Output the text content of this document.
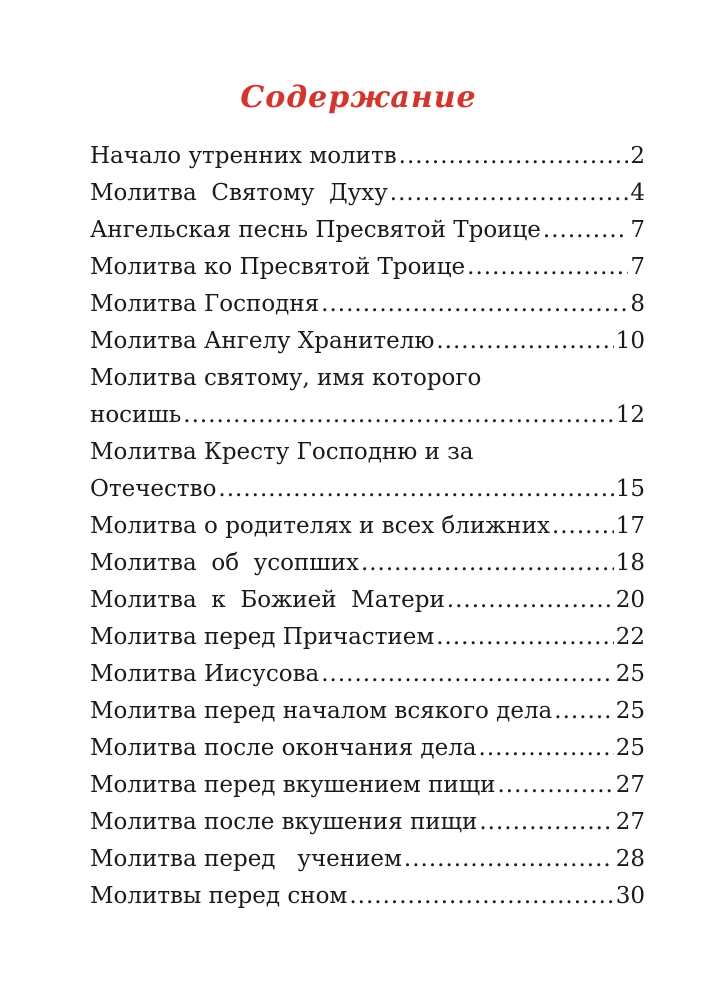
Содержание
Начало утренних молитв .....	2
Молитва  Святому  Духу .....	4
Ангельская песнь Пресвятой Троице .....	7
Молитва ко Пресвятой Троице .....	7
Молитва Господня .....	8
Молитва Ангелу Хранителю .....	10
Молитва святому, имя которого
носишь .....	12
Молитва Кресту Господню и за
Отечество .....	15
Молитва о родителях и всех ближних .....	17
Молитва  об  усопших .....	18
Молитва  к  Божией  Матери .....	20
Молитва перед Причастием .....	22
Молитва Иисусова .....	25
Молитва перед началом всякого дела .....	25
Молитва после окончания дела .....	25
Молитва перед вкушением пищи .....	27
Молитва после вкушения пищи .....	27
Молитва перед   учением .....	28
Молитвы перед сном .....	30
